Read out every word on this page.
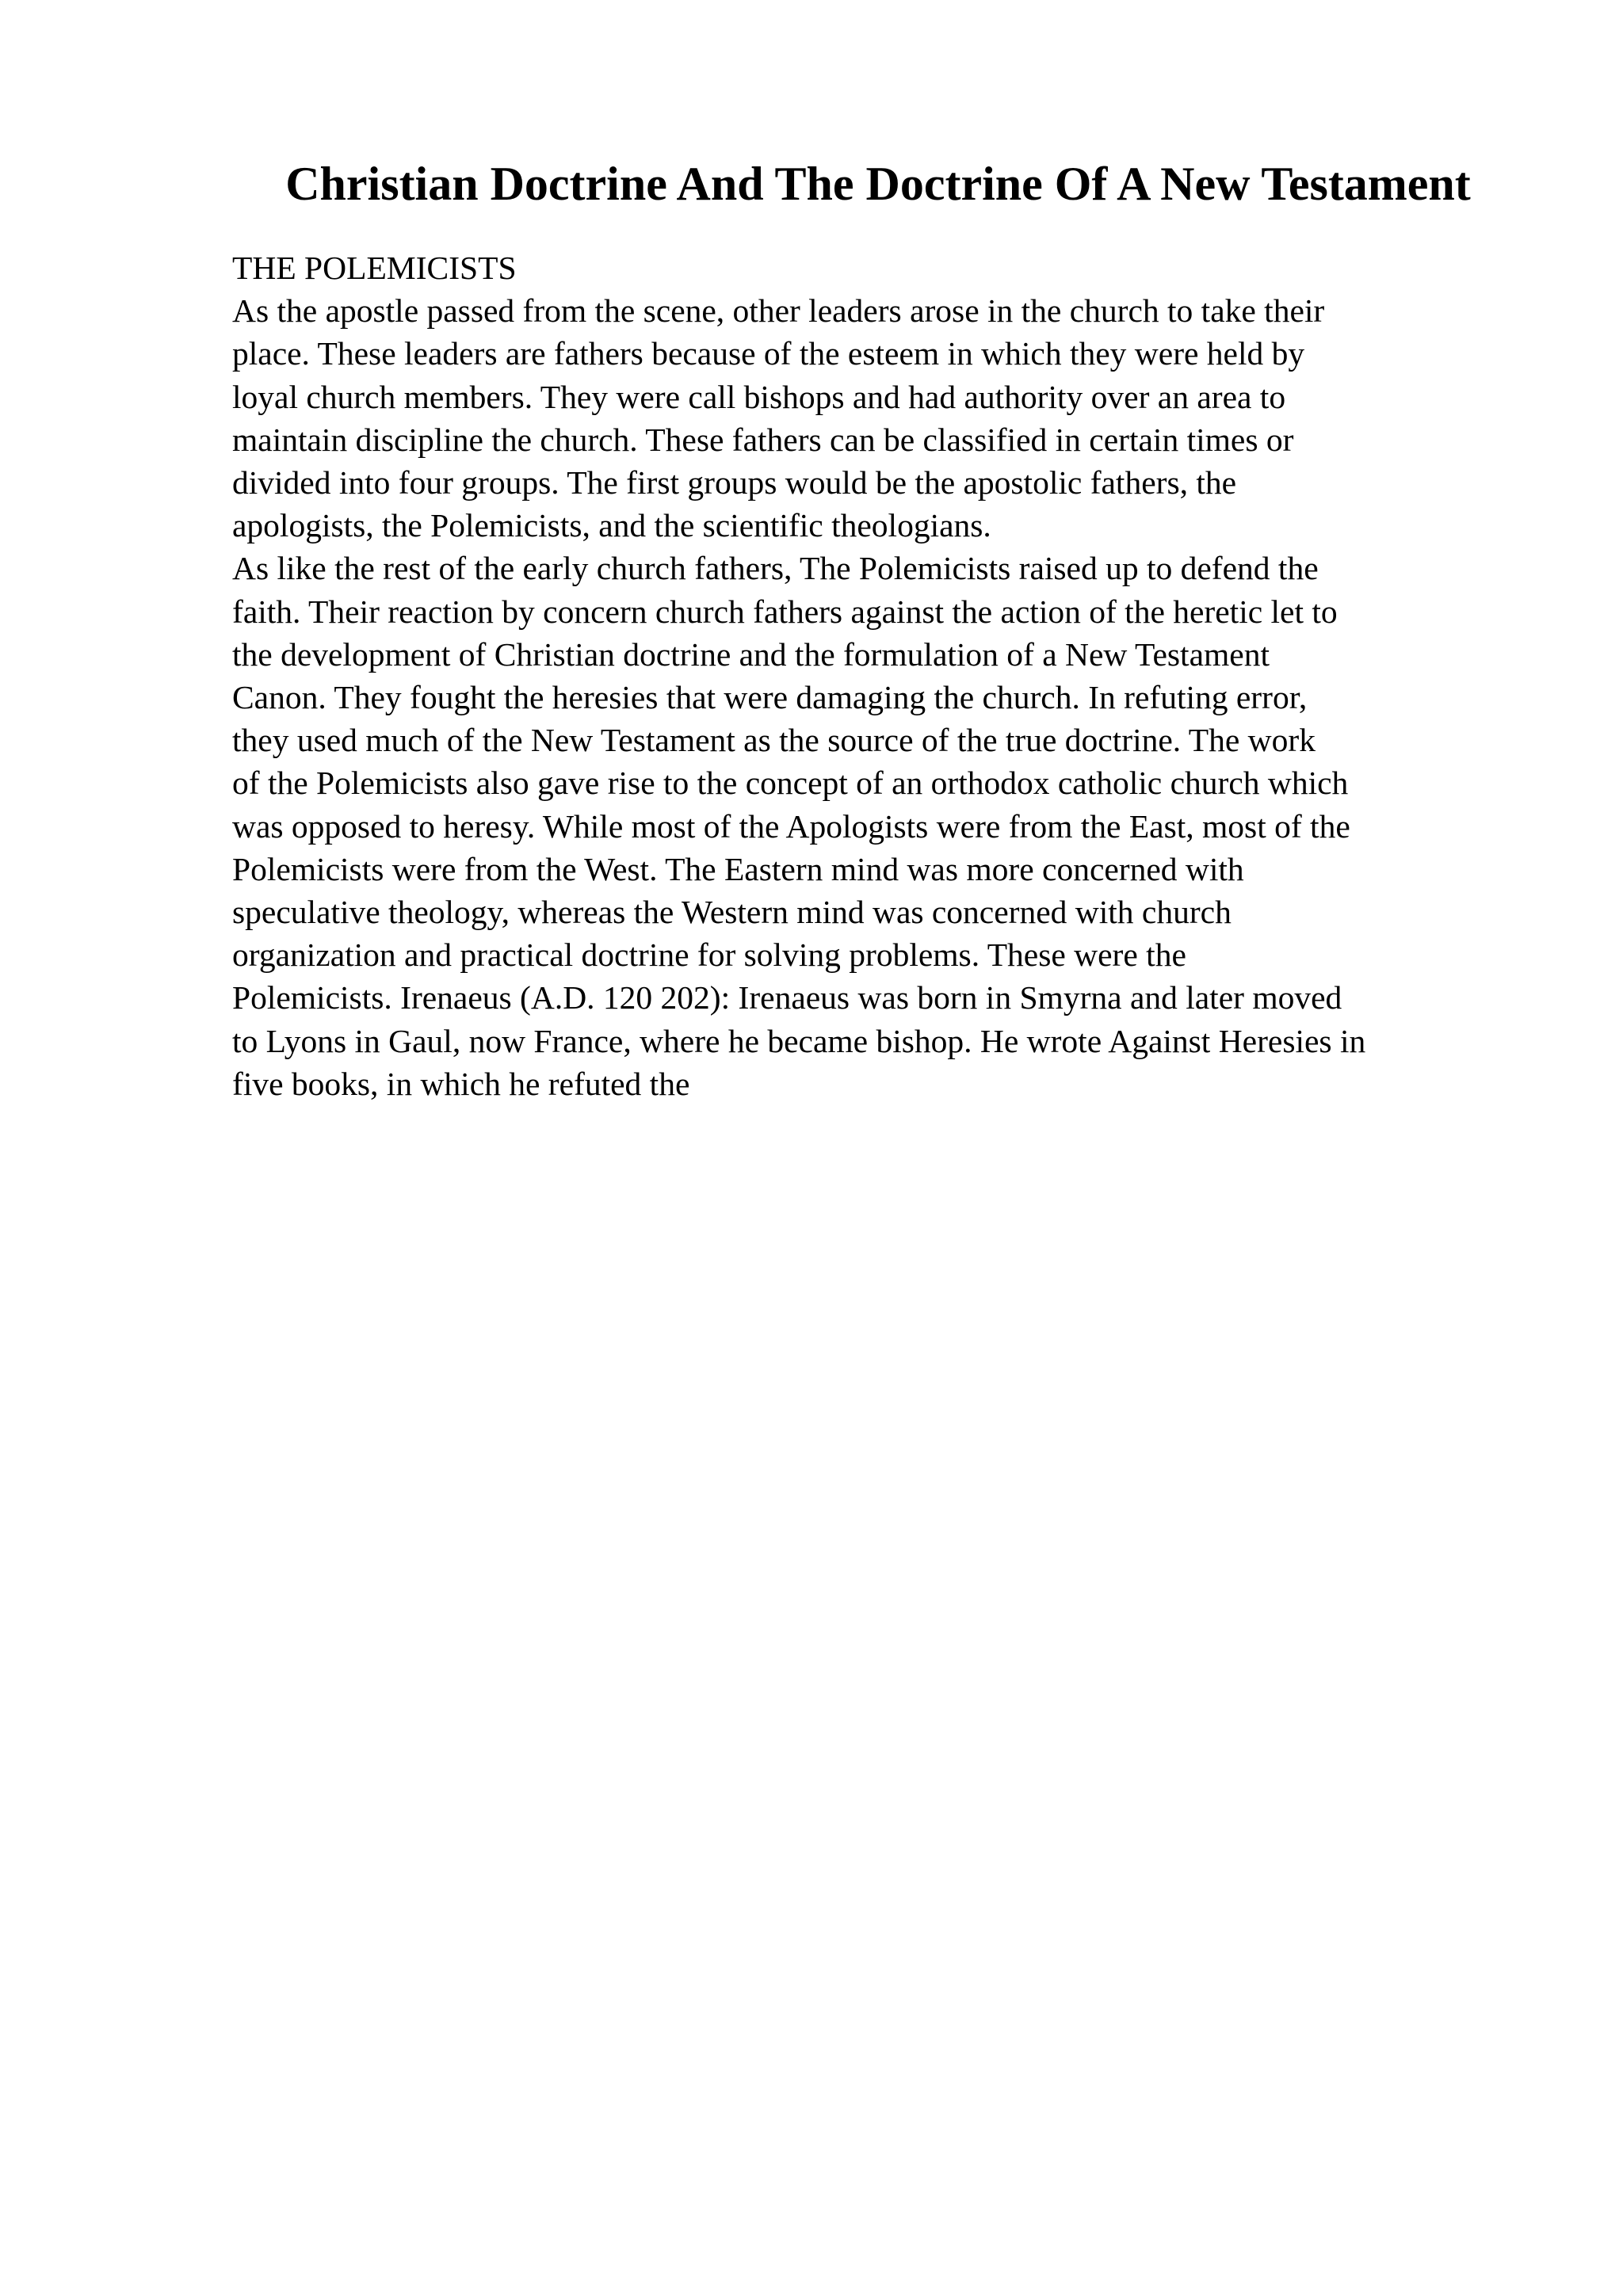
Christian Doctrine And The Doctrine Of A New Testament
THE POLEMICISTS
As the apostle passed from the scene, other leaders arose in the church to take their
place. These leaders are fathers because of the esteem in which they were held by
loyal church members. They were call bishops and had authority over an area to
maintain discipline the church. These fathers can be classified in certain times or
divided into four groups. The first groups would be the apostolic fathers, the
apologists, the Polemicists, and the scientific theologians.
As like the rest of the early church fathers, The Polemicists raised up to defend the
faith. Their reaction by concern church fathers against the action of the heretic let to
the development of Christian doctrine and the formulation of a New Testament
Canon. They fought the heresies that were damaging the church. In refuting error,
they used much of the New Testament as the source of the true doctrine. The work
of the Polemicists also gave rise to the concept of an orthodox catholic church which
was opposed to heresy. While most of the Apologists were from the East, most of the
Polemicists were from the West. The Eastern mind was more concerned with
speculative theology, whereas the Western mind was concerned with church
organization and practical doctrine for solving problems. These were the
Polemicists. Irenaeus (A.D. 120 202): Irenaeus was born in Smyrna and later moved
to Lyons in Gaul, now France, where he became bishop. He wrote Against Heresies in
five books, in which he refuted the
